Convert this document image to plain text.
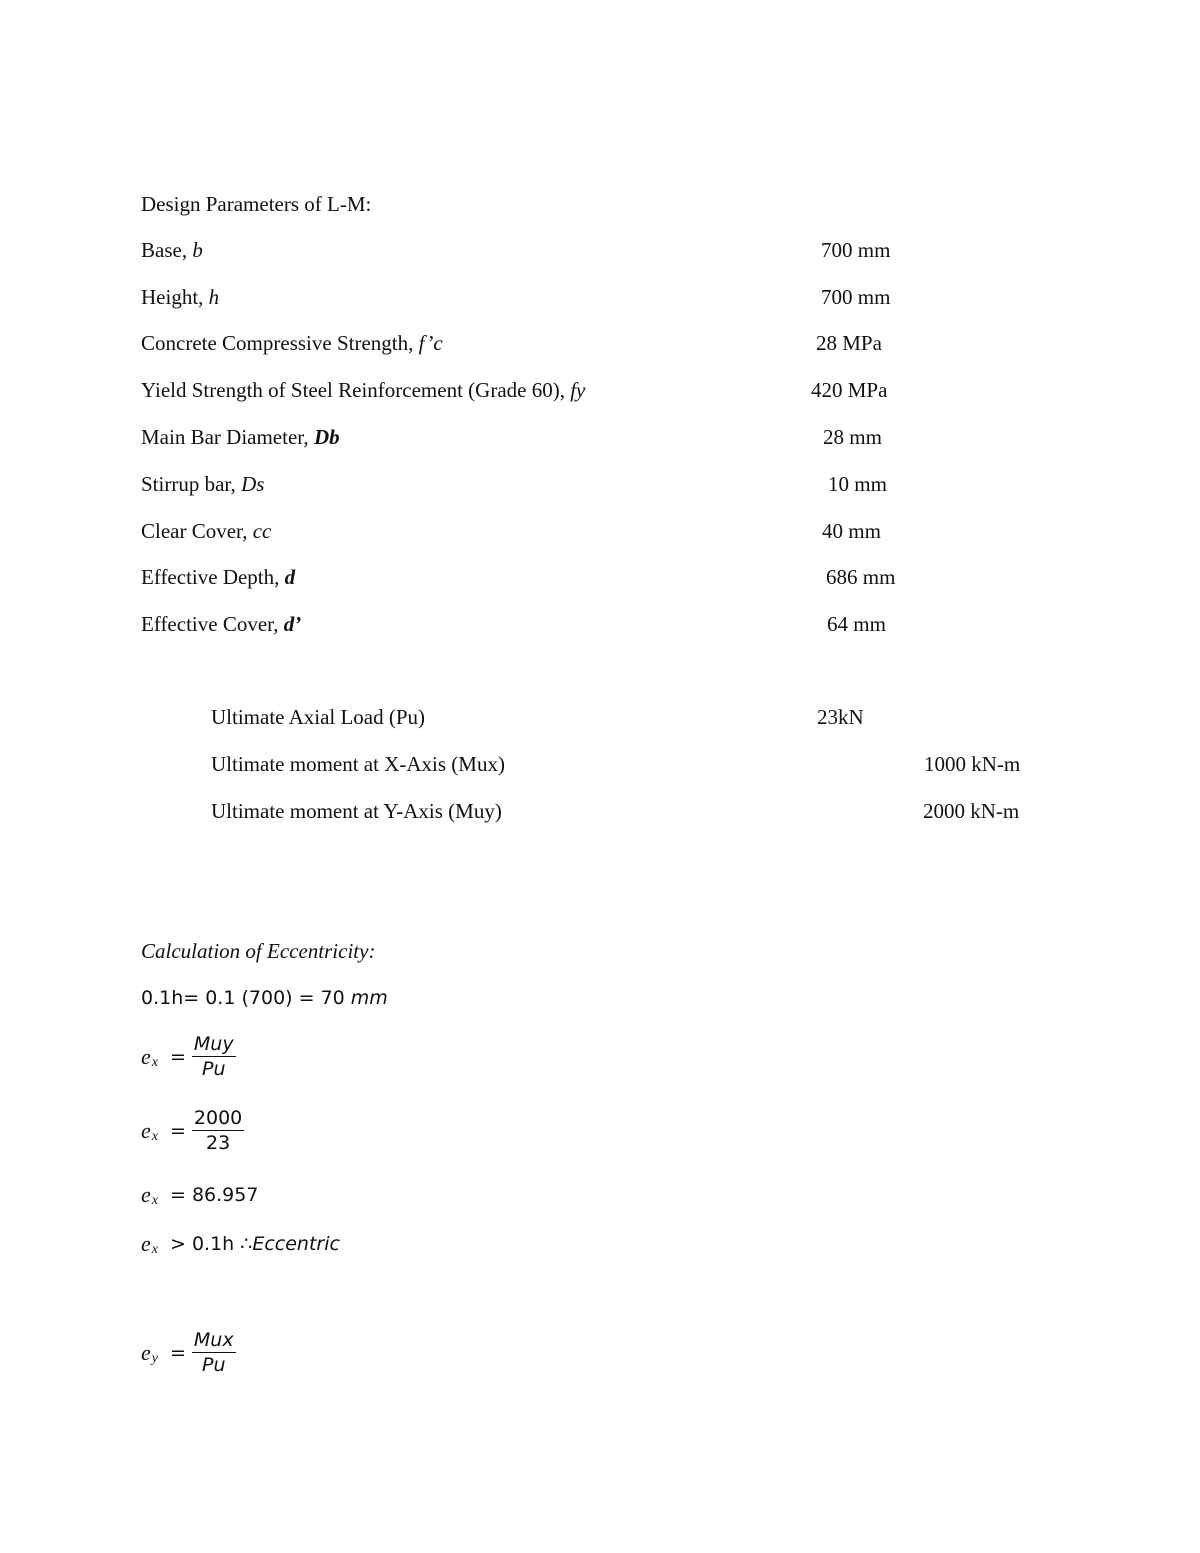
Design Parameters of L-M:
Base, b	700 mm
Height, h	700 mm
Concrete Compressive Strength, f’c	28 MPa
Yield Strength of Steel Reinforcement (Grade 60), fy	420 MPa
Main Bar Diameter, Db	28 mm
Stirrup bar, Ds	10 mm
Clear Cover, cc	40 mm
Effective Depth, d	686 mm
Effective Cover, d’	64 mm
Ultimate Axial Load (Pu)	23kN
Ultimate moment at X-Axis (Mux)	1000 kN-m
Ultimate moment at Y-Axis (Muy)	2000 kN-m
Calculation of Eccentricity:
0.1h= 0.1 (700) = 70 mm
e $x = \frac{\text{Muy}}{Pu}$
e $x = \frac{2000}{23}$
e x = 86.957
e x > 0.1h ∴ Eccentric
e $y = \frac{\text{Mux}}{Pu}$
